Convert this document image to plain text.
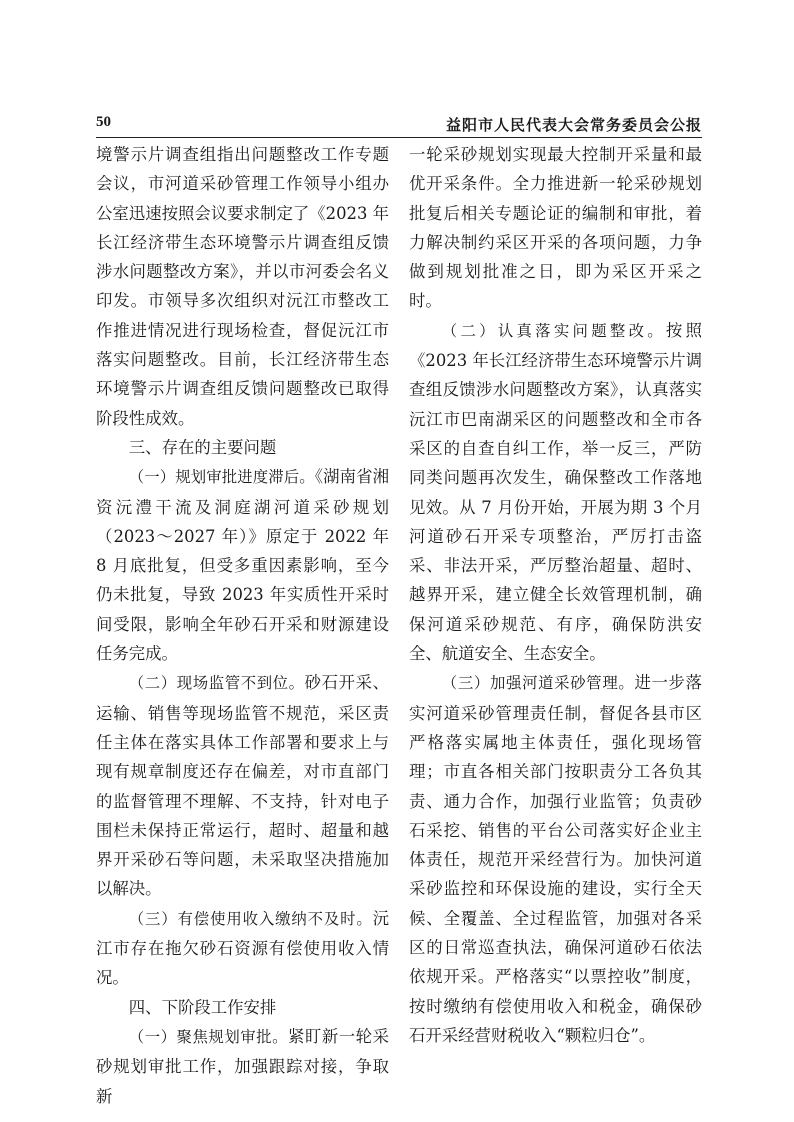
50	益阳市人民代表大会常务委员会公报

境警示片调查组指出问题整改工作专题会议，市河道采砂管理工作领导小组办公室迅速按照会议要求制定了《2023 年长江经济带生态环境警示片调查组反馈涉水问题整改方案》，并以市河委会名义印发。市领导多次组织对沅江市整改工作推进情况进行现场检查，督促沅江市落实问题整改。目前，长江经济带生态环境警示片调查组反馈问题整改已取得阶段性成效。

三、存在的主要问题

（一）规划审批进度滞后。《湖南省湘资沅澧干流及洞庭湖河道采砂规划（2023～2027 年）》原定于 2022 年 8 月底批复，但受多重因素影响，至今仍未批复，导致 2023 年实质性开采时间受限，影响全年砂石开采和财源建设任务完成。

（二）现场监管不到位。砂石开采、运输、销售等现场监管不规范，采区责任主体在落实具体工作部署和要求上与现有规章制度还存在偏差，对市直部门的监督管理不理解、不支持，针对电子围栏未保持正常运行，超时、超量和越界开采砂石等问题，未采取坚决措施加以解决。

（三）有偿使用收入缴纳不及时。沅江市存在拖欠砂石资源有偿使用收入情况。

四、下阶段工作安排

（一）聚焦规划审批。紧盯新一轮采砂规划审批工作，加强跟踪对接，争取新

一轮采砂规划实现最大控制开采量和最优开采条件。全力推进新一轮采砂规划批复后相关专题论证的编制和审批，着力解决制约采区开采的各项问题，力争做到规划批准之日，即为采区开采之时。

（二）认真落实问题整改。按照《2023 年长江经济带生态环境警示片调查组反馈涉水问题整改方案》，认真落实沅江市巴南湖采区的问题整改和全市各采区的自查自纠工作，举一反三，严防同类问题再次发生，确保整改工作落地见效。从 7 月份开始，开展为期 3 个月河道砂石开采专项整治，严厉打击盗采、非法开采，严厉整治超量、超时、越界开采，建立健全长效管理机制，确保河道采砂规范、有序，确保防洪安全、航道安全、生态安全。

（三）加强河道采砂管理。进一步落实河道采砂管理责任制，督促各县市区严格落实属地主体责任，强化现场管理；市直各相关部门按职责分工各负其责、通力合作，加强行业监管；负责砂石采挖、销售的平台公司落实好企业主体责任，规范开采经营行为。加快河道采砂监控和环保设施的建设，实行全天候、全覆盖、全过程监管，加强对各采区的日常巡查执法，确保河道砂石依法依规开采。严格落实“以票控收”制度，按时缴纳有偿使用收入和税金，确保砂石开采经营财税收入“颗粒归仓”。
